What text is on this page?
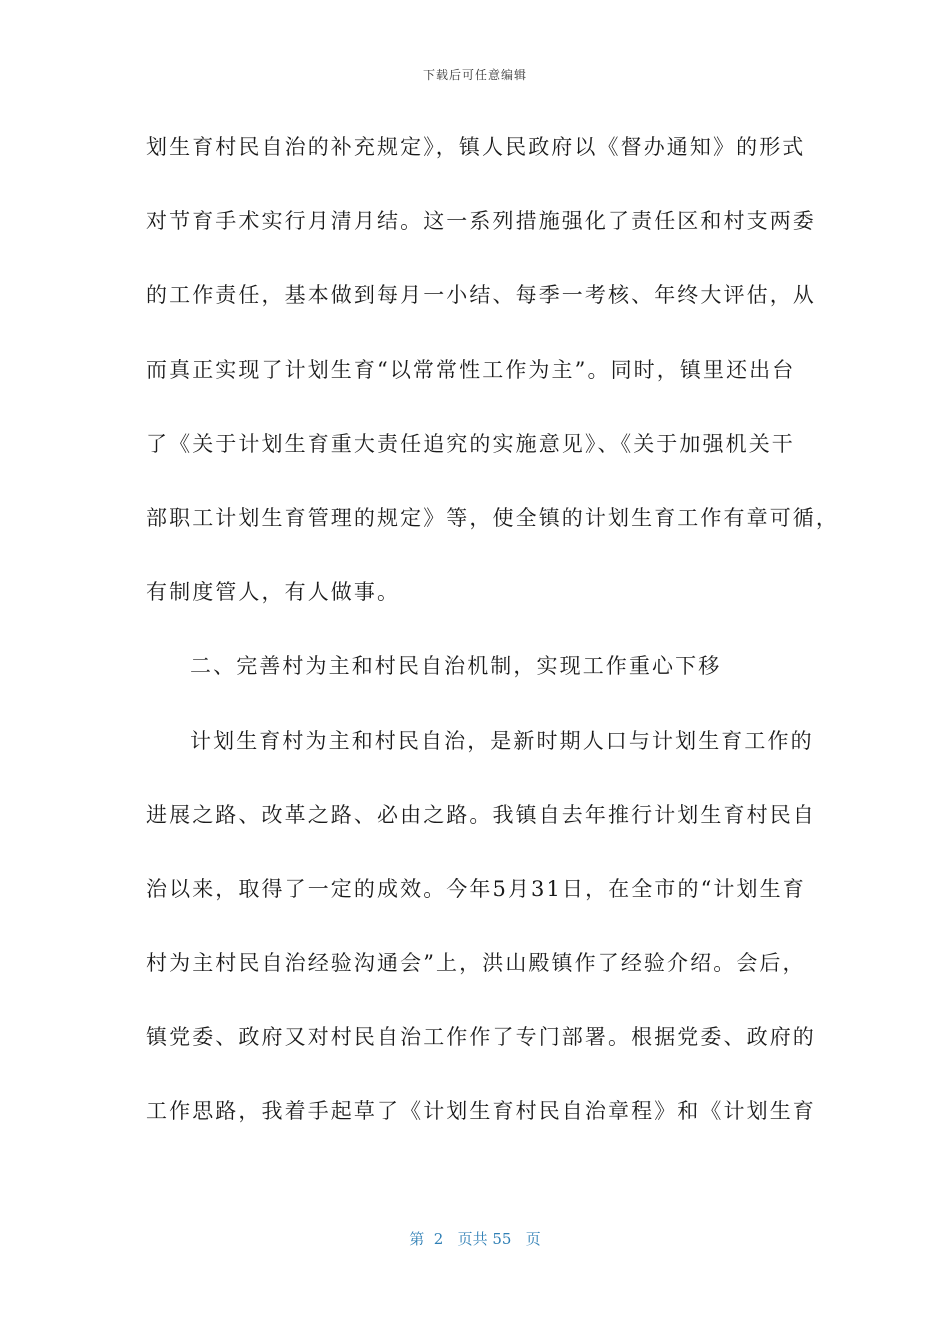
下载后可任意编辑
划生育村民自治的补充规定》，镇人民政府以《督办通知》的形式
对节育手术实行月清月结。这一系列措施强化了责任区和村支两委
的工作责任，基本做到每月一小结、每季一考核、年终大评估，从
而真正实现了计划生育“以常常性工作为主”。同时，镇里还出台
了《关于计划生育重大责任追究的实施意见》、《关于加强机关干
部职工计划生育管理的规定》等，使全镇的计划生育工作有章可循，
有制度管人，有人做事。
二、完善村为主和村民自治机制，实现工作重心下移
计划生育村为主和村民自治，是新时期人口与计划生育工作的
进展之路、改革之路、必由之路。我镇自去年推行计划生育村民自
治以来，取得了一定的成效。今年5月31日，在全市的“计划生育
村为主村民自治经验沟通会”上，洪山殿镇作了经验介绍。会后，
镇党委、政府又对村民自治工作作了专门部署。根据党委、政府的
工作思路，我着手起草了《计划生育村民自治章程》和《计划生育
第  2   页共 55   页
